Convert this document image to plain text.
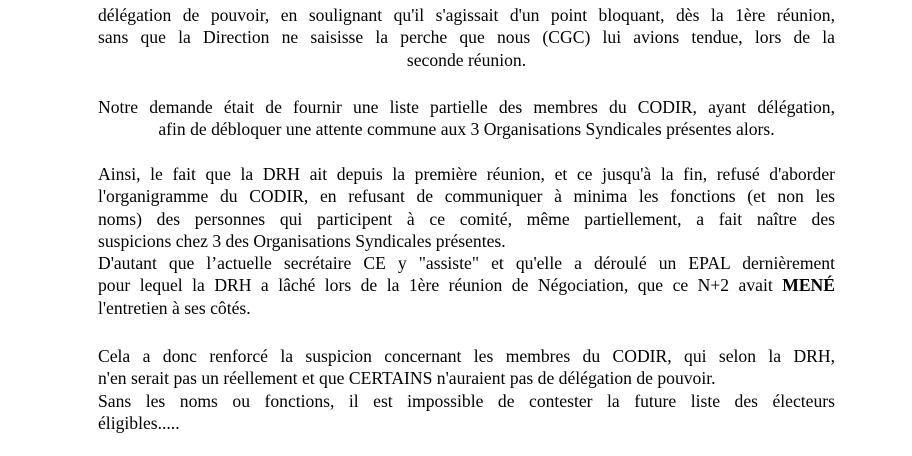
délégation de pouvoir, en soulignant qu'il s'agissait d'un point bloquant, dès la 1ère réunion,
sans que la Direction ne saisisse la perche que nous (CGC) lui avions tendue, lors de la
seconde réunion.
Notre demande était de fournir une liste partielle des membres du CODIR, ayant délégation,
afin de débloquer une attente commune aux 3 Organisations Syndicales présentes alors.
Ainsi, le fait que la DRH ait depuis la première réunion, et ce jusqu'à la fin, refusé d'aborder
l'organigramme du CODIR, en refusant de communiquer à minima les fonctions (et non les
noms) des personnes qui participent à ce comité, même partiellement, a fait naître des
suspicions chez 3 des Organisations Syndicales présentes.
D'autant que l’actuelle secrétaire CE y "assiste" et qu'elle a déroulé un EPAL dernièrement
pour lequel la DRH a lâché lors de la 1ère réunion de Négociation, que ce N+2 avait MENÉ
l'entretien à ses côtés.
Cela a donc renforcé la suspicion concernant les membres du CODIR, qui selon la DRH,
n'en serait pas un réellement et que CERTAINS n'auraient pas de délégation de pouvoir.
Sans les noms ou fonctions, il est impossible de contester la future liste des électeurs
éligibles.....
